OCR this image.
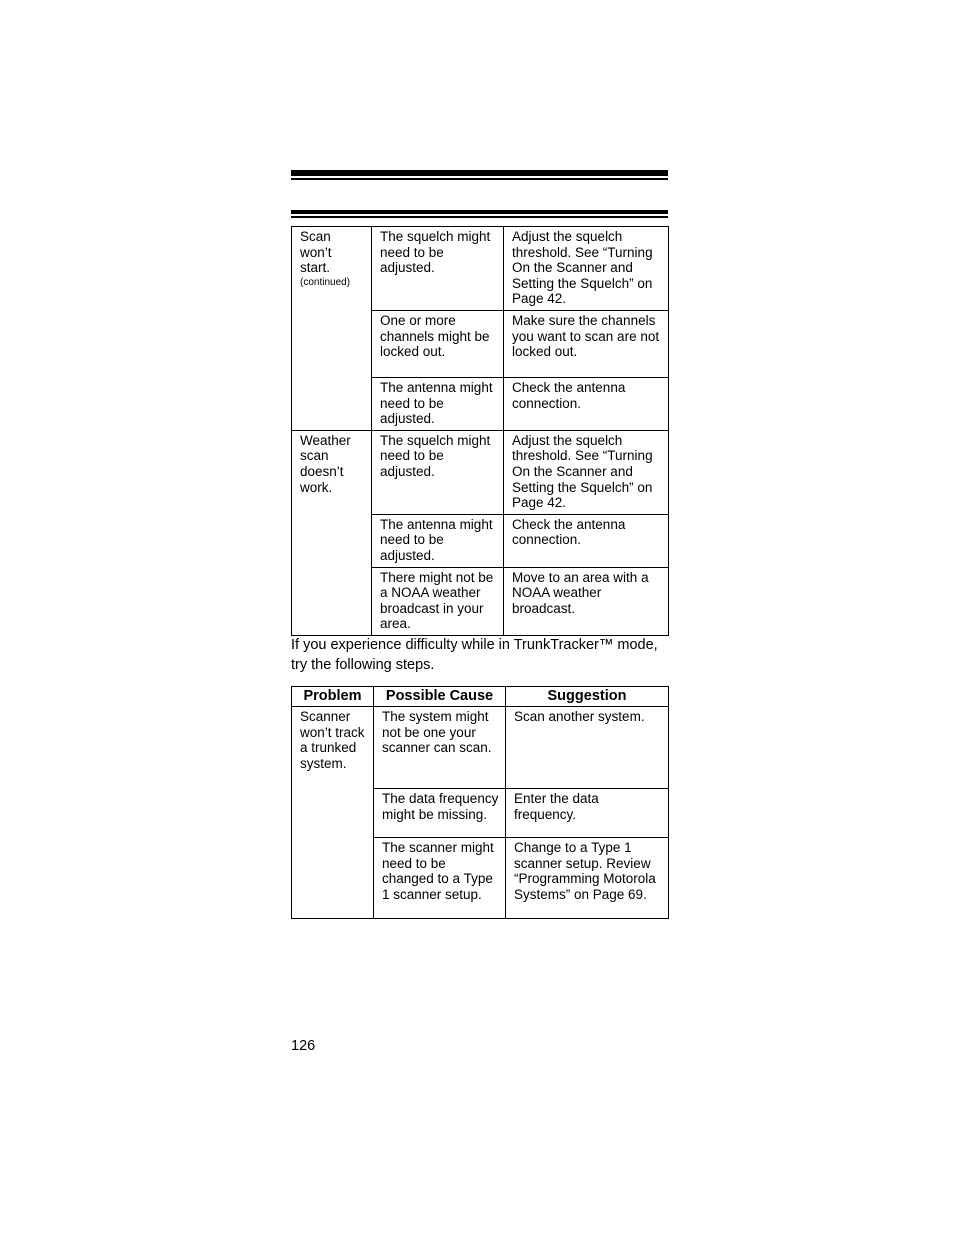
Scan won’t start.
(continued)	The squelch might need to be adjusted.	Adjust the squelch threshold. See “Turning On the Scanner and Setting the Squelch” on Page 42.
	One or more channels might be locked out.	Make sure the channels you want to scan are not locked out.
	The antenna might need to be adjusted.	Check the antenna connection.
Weather scan doesn’t work.	The squelch might need to be adjusted.	Adjust the squelch threshold. See “Turning On the Scanner and Setting the Squelch” on Page 42.
	The antenna might need to be adjusted.	Check the antenna connection.
	There might not be a NOAA weather broadcast in your area.	Move to an area with a NOAA weather broadcast.
If you experience difficulty while in TrunkTracker™ mode, try the following steps.
Problem	Possible Cause	Suggestion
Scanner won’t track a trunked system.	The system might not be one your scanner can scan.	Scan another system.
	The data frequency might be missing.	Enter the data frequency.
	The scanner might need to be changed to a Type 1 scanner setup.	Change to a Type 1 scanner setup. Review “Programming Motorola Systems” on Page 69.
126
